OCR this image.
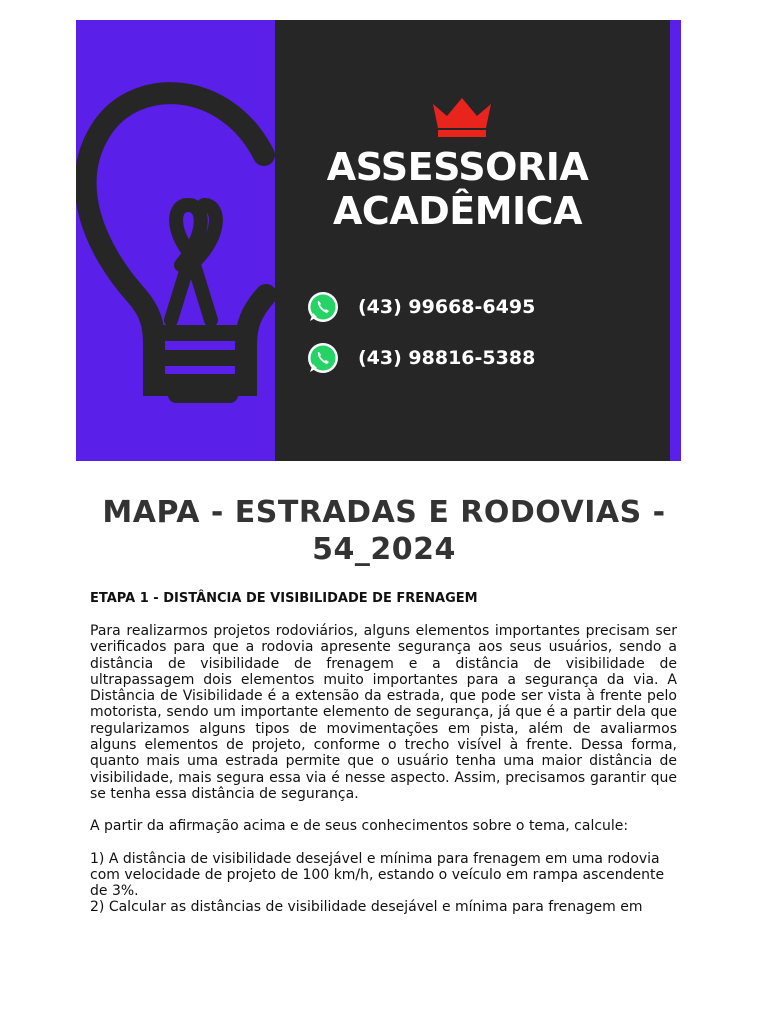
ASSESSORIA
ACADÊMICA
(43) 99668-6495
(43) 98816-5388
MAPA - ESTRADAS E RODOVIAS - 54_2024
ETAPA 1 - DISTÂNCIA DE VISIBILIDADE DE FRENAGEM

Para realizarmos projetos rodoviários, alguns elementos importantes precisam ser verificados para que a rodovia apresente segurança aos seus usuários, sendo a distância de visibilidade de frenagem e a distância de visibilidade de ultrapassagem dois elementos muito importantes para a segurança da via. A Distância de Visibilidade é a extensão da estrada, que pode ser vista à frente pelo motorista, sendo um importante elemento de segurança, já que é a partir dela que regularizamos alguns tipos de movimentações em pista, além de avaliarmos alguns elementos de projeto, conforme o trecho visível à frente. Dessa forma, quanto mais uma estrada permite que o usuário tenha uma maior distância de visibilidade, mais segura essa via é nesse aspecto. Assim, precisamos garantir que se tenha essa distância de segurança.

A partir da afirmação acima e de seus conhecimentos sobre o tema, calcule:

1) A distância de visibilidade desejável e mínima para frenagem em uma rodovia com velocidade de projeto de 100 km/h, estando o veículo em rampa ascendente de 3%.

2) Calcular as distâncias de visibilidade desejável e mínima para frenagem em
